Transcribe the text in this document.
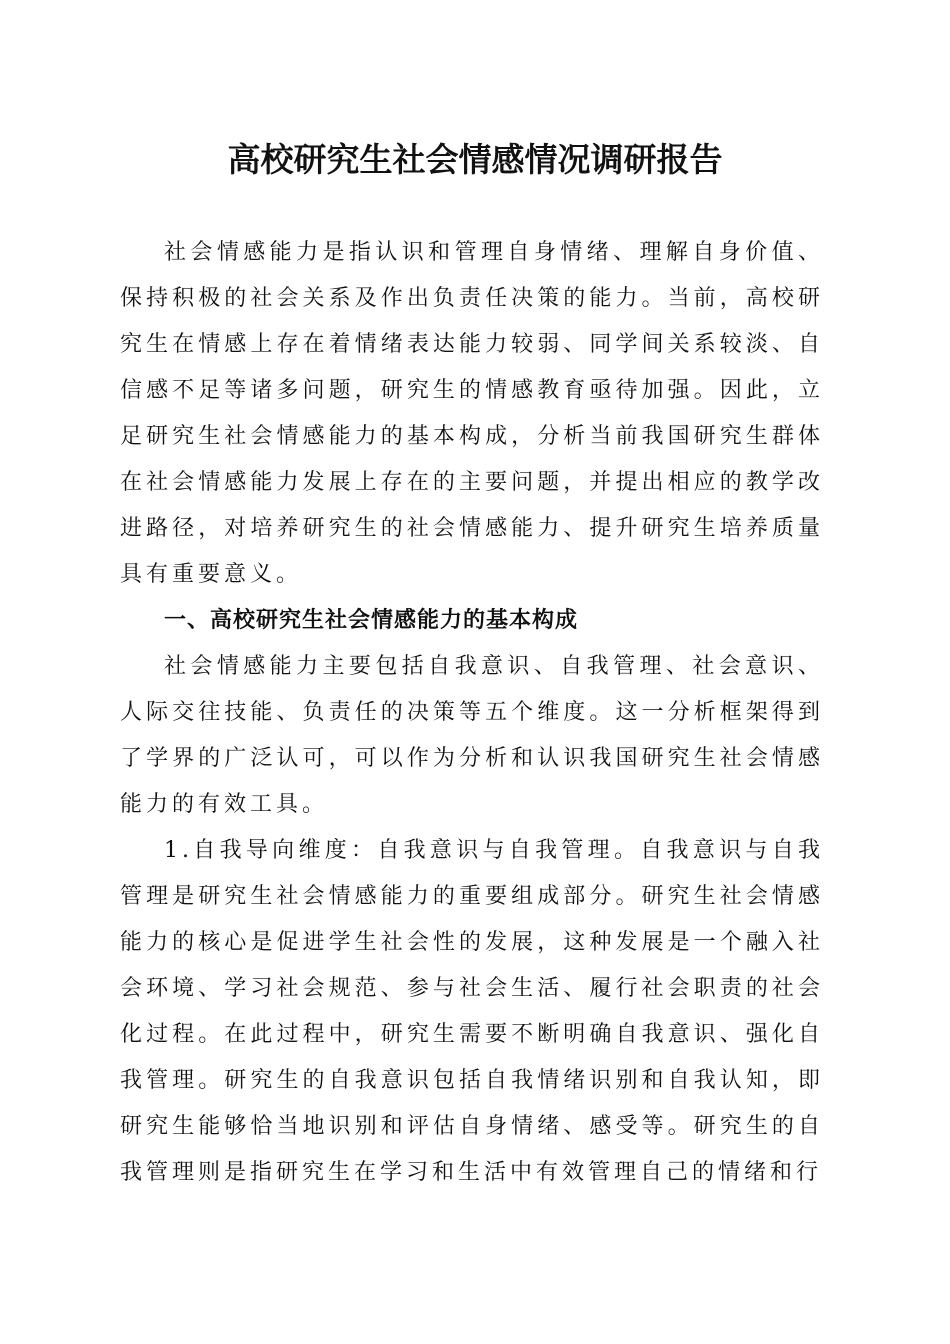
高校研究生社会情感情况调研报告

社会情感能力是指认识和管理自身情绪、理解自身价值、保持积极的社会关系及作出负责任决策的能力。当前，高校研究生在情感上存在着情绪表达能力较弱、同学间关系较淡、自信感不足等诸多问题，研究生的情感教育亟待加强。因此，立足研究生社会情感能力的基本构成，分析当前我国研究生群体在社会情感能力发展上存在的主要问题，并提出相应的教学改进路径，对培养研究生的社会情感能力、提升研究生培养质量具有重要意义。

一、高校研究生社会情感能力的基本构成

社会情感能力主要包括自我意识、自我管理、社会意识、人际交往技能、负责任的决策等五个维度。这一分析框架得到了学界的广泛认可，可以作为分析和认识我国研究生社会情感能力的有效工具。

1.自我导向维度：自我意识与自我管理。自我意识与自我管理是研究生社会情感能力的重要组成部分。研究生社会情感能力的核心是促进学生社会性的发展，这种发展是一个融入社会环境、学习社会规范、参与社会生活、履行社会职责的社会化过程。在此过程中，研究生需要不断明确自我意识、强化自我管理。研究生的自我意识包括自我情绪识别和自我认知，即研究生能够恰当地识别和评估自身情绪、感受等。研究生的自我管理则是指研究生在学习和生活中有效管理自己的情绪和行
